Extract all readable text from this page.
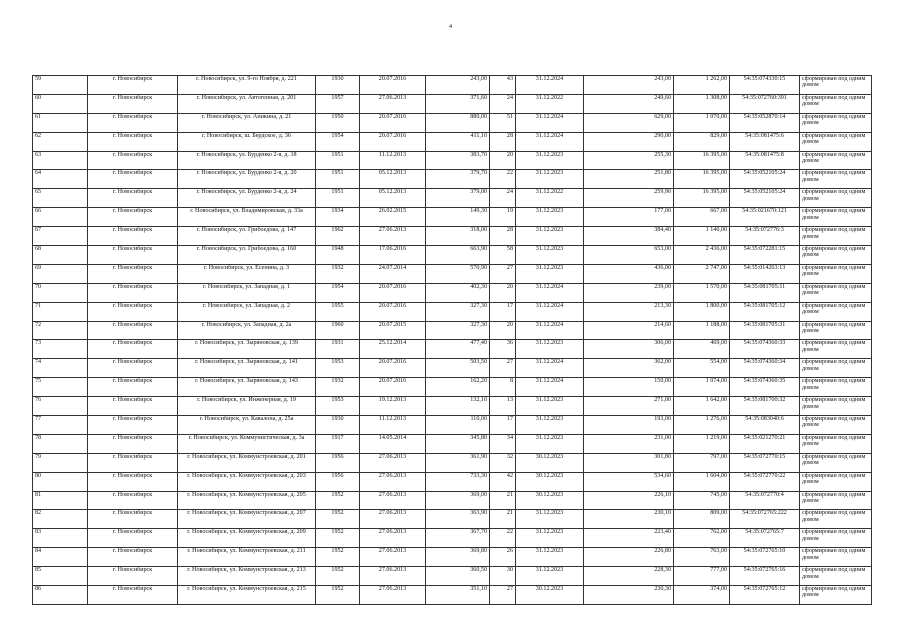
4
59	г. Новосибирск	г. Новосибирск, ул. 9-го Ноября, д. 221	1930	20.07.2016	243,00	43	31.12.2024	243,00	1 262,00	54:35:074330:15	сформирован под одним домом
60	г. Новосибирск	г. Новосибирск, ул. Автогенная, д. 201	1957	27.06.2013	371,60	24	31.12.2022	249,60	1 308,00	54:35:072760:391	сформирован под одним домом
61	г. Новосибирск	г. Новосибирск, ул. Аникина, д. 21	1950	20.07.2016	880,00	51	31.12.2024	629,00	1 070,00	54:35:052870:14	сформирован под одним домом
62	г. Новосибирск	г. Новосибирск, ш. Бердское, д. 36	1954	20.07.2016	411,10	28	31.12.2024	290,00	829,00	54:35:081475:6	сформирован под одним домом
63	г. Новосибирск	г. Новосибирск, ул. Бурденко 2-я, д. 18	1951	11.12.2013	383,70	20	31.12.2023	255,30	16 395,00	54:35:081475:8	сформирован под одним домом
64	г. Новосибирск	г. Новосибирск, ул. Бурденко 2-я, д. 20	1951	05.12.2013	379,70	22	31.12.2023	251,80	16 395,00	54:35:052105:24	сформирован под одним домом
65	г. Новосибирск	г. Новосибирск, ул. Бурденко 2-я, д. 24	1951	05.12.2013	379,00	24	31.12.2022	259,90	16 395,00	54:35:052105:24	сформирован под одним домом
66	г. Новосибирск	г. Новосибирск, ул. Владимировская, д. 33а	1934	26.02.2015	149,30	19	31.12.2023	177,00	667,00	54:35:021670:121	сформирован под одним домом
67	г. Новосибирск	г. Новосибирск, ул. Грибоедова, д. 147	1962	27.06.2013	318,00	28	31.12.2023	384,40	1 140,00	54:35:072776:3	сформирован под одним домом
68	г. Новосибирск	г. Новосибирск, ул. Грибоедова, д. 160	1948	17.06.2016	663,90	58	31.12.2023	653,00	2 436,00	54:35:072281:15	сформирован под одним домом
69	г. Новосибирск	г. Новосибирск, ул. Есенина, д. 3	1932	24.07.2014	570,90	27	31.12.2023	436,00	2 747,00	54:35:014263:13	сформирован под одним домом
70	г. Новосибирск	г. Новосибирск, ул. Западная, д. 1	1954	20.07.2016	402,30	20	31.12.2024	239,00	1 570,00	54:35:081705:11	сформирован под одним домом
71	г. Новосибирск	г. Новосибирск, ул. Западная, д. 2	1955	20.07.2016	327,30	17	31.12.2024	213,30	1 800,00	54:35:081705:12	сформирован под одним домом
72	г. Новосибирск	г. Новосибирск, ул. Западная, д. 2а	1960	20.07.2015	327,30	20	31.12.2024	214,60	1 188,00	54:35:081705:31	сформирован под одним домом
73	г. Новосибирск	г. Новосибирск, ул. Зыряновская, д. 139	1931	25.12.2014	477,40	36	31.12.2023	306,00	469,00	54:35:074360:33	сформирован под одним домом
74	г. Новосибирск	г. Новосибирск, ул. Зыряновская, д. 141	1953	20.07.2016	503,50	27	31.12.2024	362,00	554,00	54:35:074360:34	сформирован под одним домом
75	г. Новосибирск	г. Новосибирск, ул. Зыряновская, д. 143	1932	20.07.2016	162,20	8	31.12.2024	150,00	1 074,00	54:35:074360:35	сформирован под одним домом
76	г. Новосибирск	г. Новосибирск, ул. Инженерная, д. 19	1953	19.12.2013	132,10	13	31.12.2023	271,00	1 642,00	54:35:081700:32	сформирован под одним домом
77	г. Новосибирск	г. Новосибирск, ул. Кавалона, д. 25а	1930	11.12.2013	110,00	17	31.12.2023	193,00	1 276,00	54:35:083040:6	сформирован под одним домом
78	г. Новосибирск	г. Новосибирск, ул. Коммунистическая, д. 3а	1917	14.05.2014	345,80	34	31.12.2023	231,00	1 219,00	54:35:021270:21	сформирован под одним домом
79	г. Новосибирск	г. Новосибирск, ул. Коммунстроевская, д. 201	1956	27.06.2013	361,90	32	30.12.2023	301,80	797,00	54:35:072770:15	сформирован под одним домом
80	г. Новосибирск	г. Новосибирск, ул. Коммунстроевская, д. 203	1956	27.06.2013	733,30	42	30.12.2023	534,60	1 604,00	54:35:072770:22	сформирован под одним домом
81	г. Новосибирск	г. Новосибирск, ул. Коммунстроевская, д. 205	1952	27.06.2013	369,00	21	30.12.2023	226,10	745,00	54:35:072770:4	сформирован под одним домом
82	г. Новосибирск	г. Новосибирск, ул. Коммунстроевская, д. 207	1952	27.06.2013	363,90	21	31.12.2023	230,10	809,00	54:35:072765:222	сформирован под одним домом
83	г. Новосибирск	г. Новосибирск, ул. Коммунстроевская, д. 209	1952	27.06.2013	367,70	22	31.12.2023	223,40	762,00	54:35:072765:7	сформирован под одним домом
84	г. Новосибирск	г. Новосибирск, ул. Коммунстроевская, д. 211	1952	27.06.2013	369,80	26	31.12.2023	226,80	763,00	54:35:072765:10	сформирован под одним домом
85	г. Новосибирск	г. Новосибирск, ул. Коммунстроевская, д. 213	1952	27.06.2013	360,50	30	31.12.2023	228,30	777,00	54:35:072765:16	сформирован под одним домом
86	г. Новосибирск	г. Новосибирск, ул. Коммунстроевская, д. 215	1952	27.06.2013	351,10	27	30.12.2023	230,30	374,00	54:35:072765:12	сформирован под одним домом
